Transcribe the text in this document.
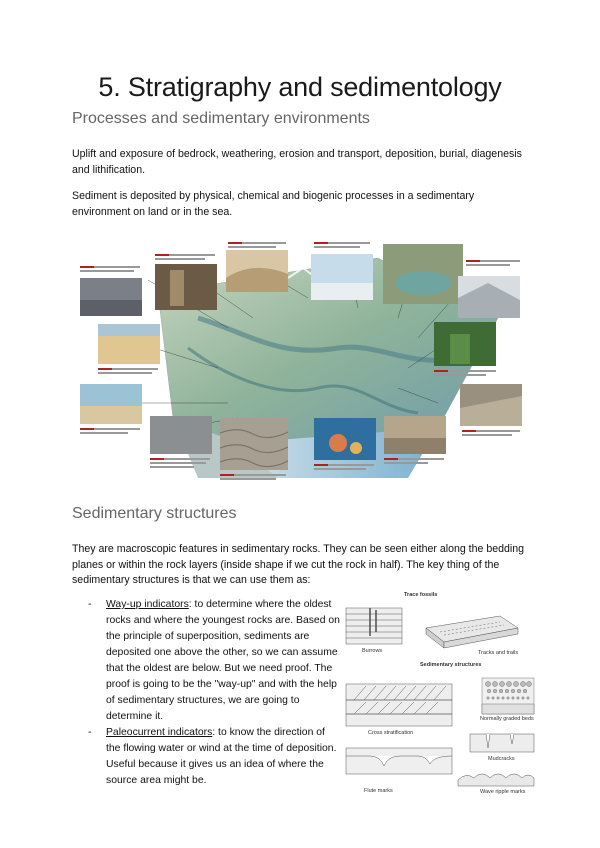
5. Stratigraphy and sedimentology
Processes and sedimentary environments

Uplift and exposure of bedrock, weathering, erosion and transport, deposition, burial, diagenesis and lithification.

Sediment is deposited by physical, chemical and biogenic processes in a sedimentary environment on land or in the sea.

Sedimentary structures

They are macroscopic features in sedimentary rocks. They can be seen either along the bedding planes or within the rock layers (inside shape if we cut the rock in half). The key thing of the sedimentary structures is that we can use them as:

- Way-up indicators: to determine where the oldest rocks and where the youngest rocks are. Based on the principle of superposition, sediments are deposited one above the other, so we can assume that the oldest are below. But we need proof. The proof is going to be the "way-up" and with the help of sedimentary structures, we are going to determine it.
- Paleocurrent indicators: to know the direction of the flowing water or wind at the time of deposition. Useful because it gives us an idea of where the source area might be.
Trace fossils
Burrows	Tracks and trails
Sedimentary structures
Normally graded beds
Cross stratification
Mudcracks
Flute marks	Wave ripple marks
